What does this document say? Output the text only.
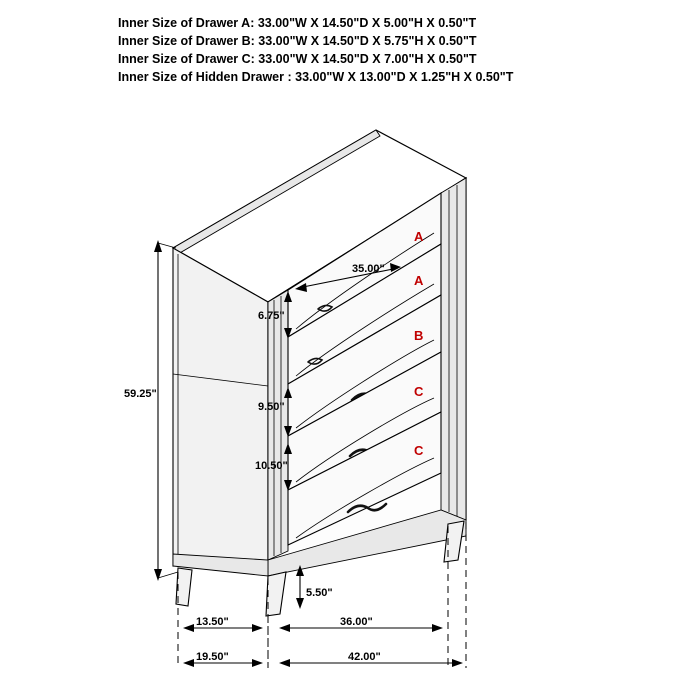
Inner Size of Drawer A: 33.00"W X 14.50"D X 5.00"H X 0.50"T
Inner Size of Drawer B: 33.00"W X 14.50"D X 5.75"H X 0.50"T
Inner Size of Drawer C: 33.00"W X 14.50"D X 7.00"H X 0.50"T
Inner Size of Hidden Drawer : 33.00"W X 13.00"D X 1.25"H X 0.50"T
59.25"
35.00"
6.75"
9.50"
10.50"
5.50"
13.50"	36.00"
19.50"	42.00"
A
A
B
C
C
